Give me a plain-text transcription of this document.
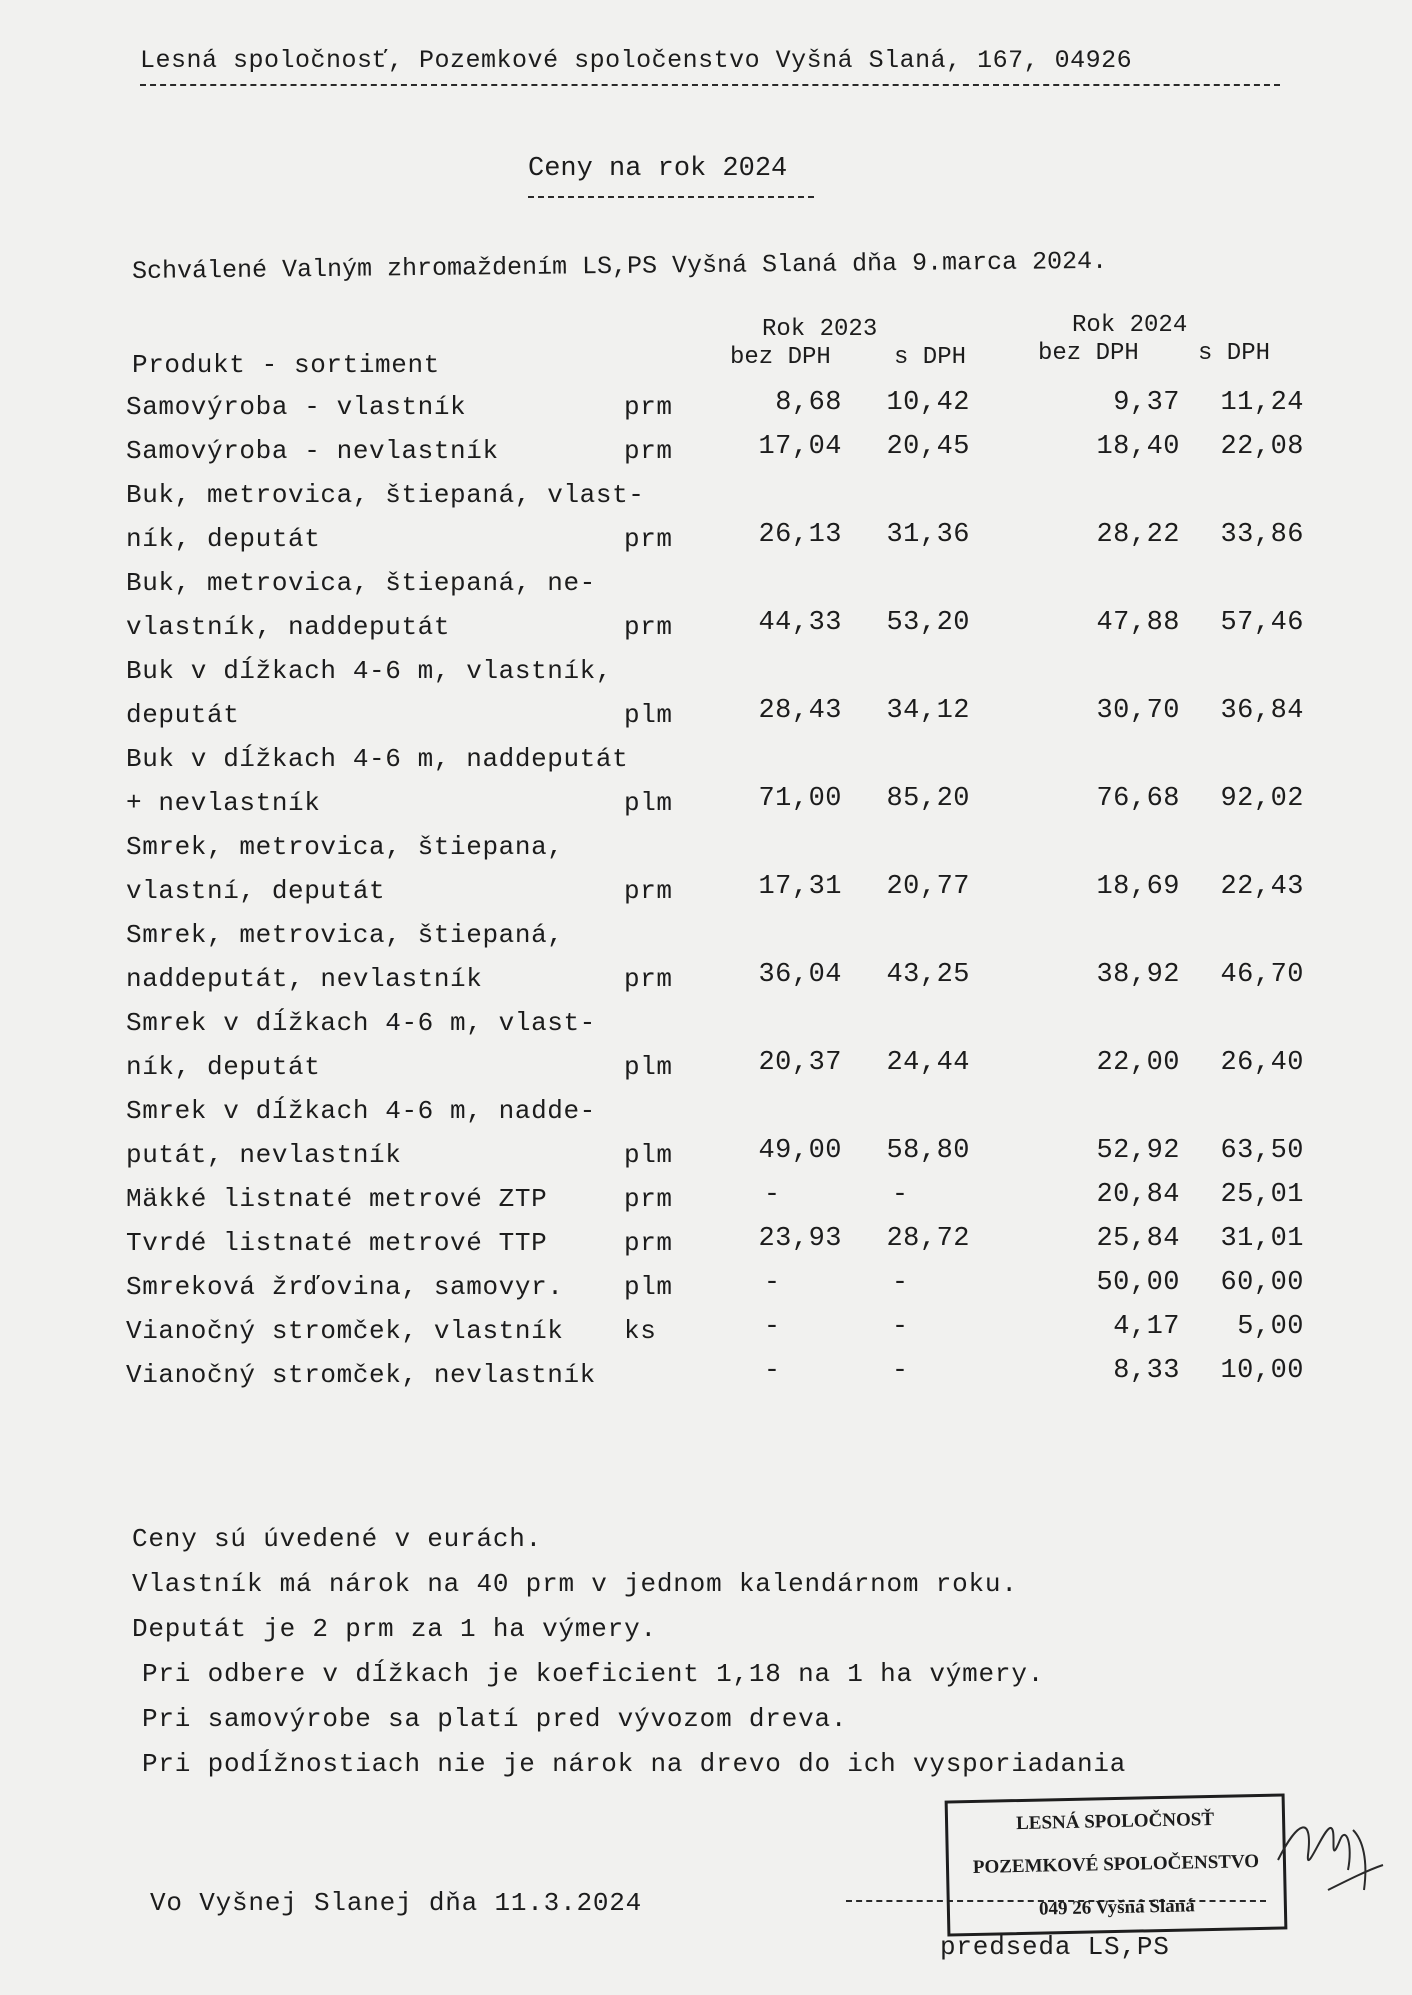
Lesná spoločnosť, Pozemkové spoločenstvo Vyšná Slaná, 167, 04926
Ceny na rok 2024
Schválené Valným zhromaždením LS,PS Vyšná Slaná dňa 9.marca 2024.
Rok 2023	Rok 2024
bez DPH	s DPH	bez DPH s DPH
Produkt - sortiment
Samovýroba - vlastník	prm	8,68	10,42	9,37	11,24
Samovýroba - nevlastník	prm	17,04	20,45	18,40	22,08
Buk, metrovica, štiepaná, vlast-
ník, deputát	prm	26,13	31,36	28,22	33,86
Buk, metrovica, štiepaná, ne-
vlastník, naddeputát	prm	44,33	53,20	47,88	57,46
Buk v dĺžkach 4-6 m, vlastník,
deputát	plm	28,43	34,12	30,70	36,84
Buk v dĺžkach 4-6 m, naddeputát
+ nevlastník	plm	71,00	85,20	76,68	92,02
Smrek, metrovica, štiepana,
vlastní, deputát	prm	17,31	20,77	18,69	22,43
Smrek, metrovica, štiepaná,
naddeputát, nevlastník	prm	36,04	43,25	38,92	46,70
Smrek v dĺžkach 4-6 m, vlast-
ník, deputát	plm	20,37	24,44	22,00	26,40
Smrek v dĺžkach 4-6 m, nadde-
putát, nevlastník	plm	49,00	58,80	52,92	63,50
Mäkké listnaté metrové ZTP	prm	-	-	20,84	25,01
Tvrdé listnaté metrové TTP	prm	23,93	28,72	25,84	31,01
Smreková žrďovina, samovyr. plm	-	-	50,00	60,00
Vianočný stromček, vlastník ks	-	-	4,17	5,00
Vianočný stromček, nevlastník	-	-	8,33	10,00
Ceny sú úvedené v eurách.
Vlastník má nárok na 40 prm v jednom kalendárnom roku.
Deputát je 2 prm za 1 ha výmery.
Pri odbere v dĺžkach je koeficient 1,18 na 1 ha výmery.
Pri samovýrobe sa platí pred vývozom dreva.
Pri podĺžnostiach nie je nárok na drevo do ich vysporiadania
Vo Vyšnej Slanej dňa 11.3.2024
LESNÁ SPOLOČNOSŤ
POZEMKOVÉ SPOLOČENSTVO
049 26 Vyšná Slaná
predseda LS,PS
